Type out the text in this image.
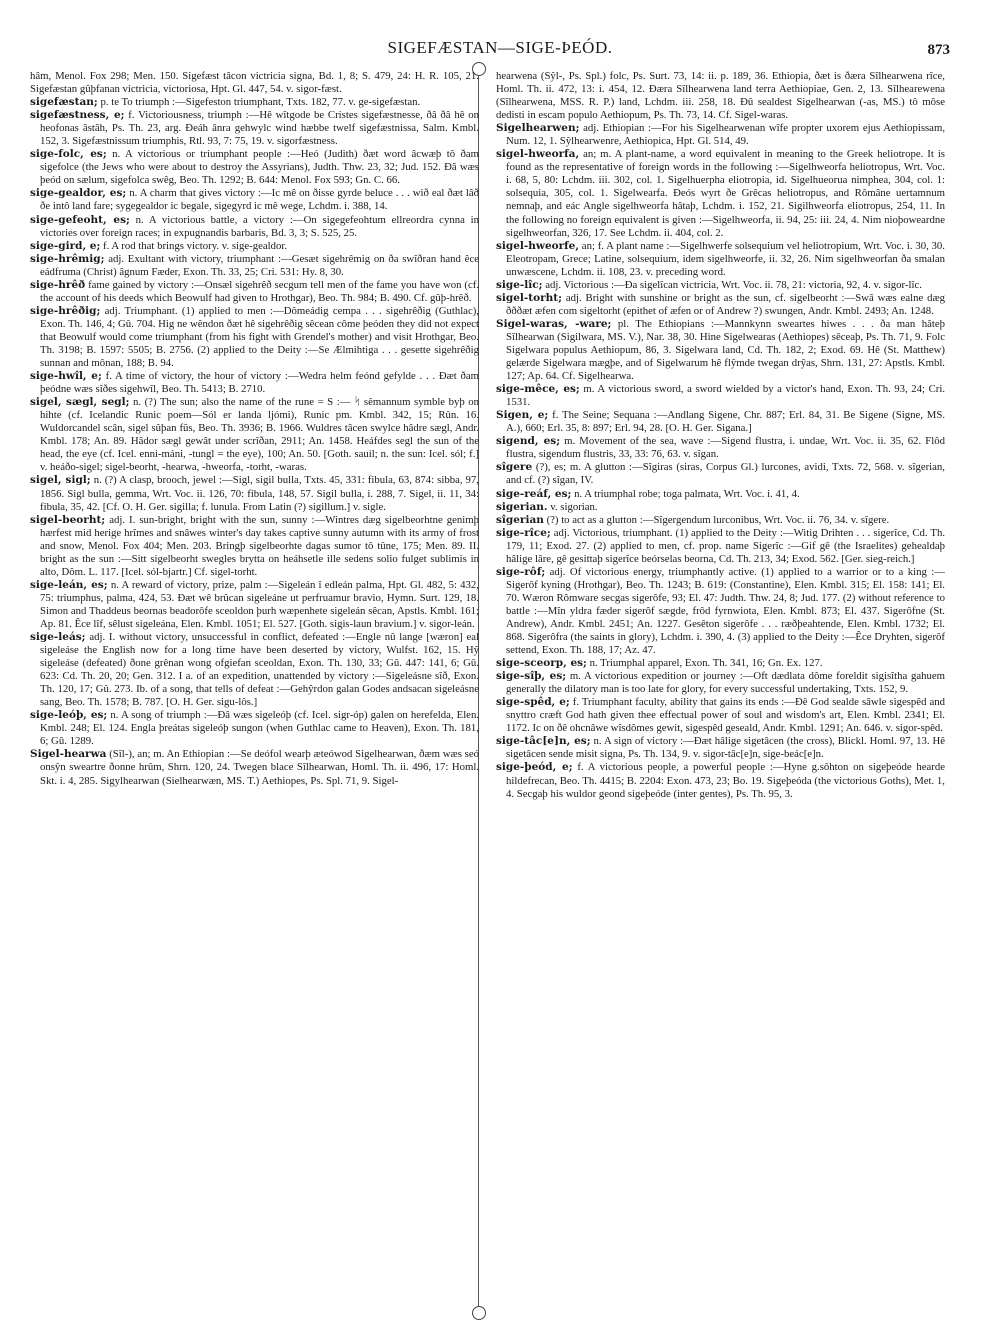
SIGEFÆSTAN—SIGE-ÞEÓD.	873

hâm, Menol. Fox 298; Men. 150. Sigefæst tâcon victricia signa, Bd. 1, 8; S. 479, 24: H. R. 105, 21. Sigefæstan gûþfanan victricia, victoriosa, Hpt. Gl. 447, 54. v. sigor-fæst.

sigefæstan; p. te To triumph :—Sigefeston triumphant, Txts. 182, 77. v. ge-sigefæstan.

sigefæstness, e; f. Victoriousness, triumph :—Hê wîtgode be Cristes sigefæstnesse, ðâ ðâ hê on heofonas âstâh, Ps. Th. 23, arg. Ðeáh ânra gehwylc wind hæbbe twelf sigefæstnissa, Salm. Kmbl. 152, 3. Sigefæstnissum triumphis, Rtl. 93, 7: 75, 19. v. sigorfæstness.

sige-folc, es; n. A victorious or triumphant people :—Heó (Judith) ðæt word âcwæþ tô ðam sigefolce (the Jews who were about to destroy the Assyrians), Judth. Thw. 23, 32; Jud. 152. Ðâ wæs þeód on sælum, sigefolca swêg, Beo. Th. 1292; B. 644: Menol. Fox 593; Gn. C. 66.

sige-gealdor, es; n. A charm that gives victory :—Ic mê on ðisse gyrde beluce . . . wið eal ðæt lâð ðe intô land fare; sygegealdor ic begale, sigegyrd ic mê wege, Lchdm. i. 388, 14.

sige-gefeoht, es; n. A victorious battle, a victory :—On sigegefeohtum ellreordra cynna in victories over foreign races; in expugnandis barbaris, Bd. 3, 3; S. 525, 25.

sige-gird, e; f. A rod that brings victory. v. sige-gealdor.

sige-hrêmig; adj. Exultant with victory, triumphant :—Gesæt sigehrêmig on ða swîðran hand êce eádfruma (Christ) âgnum Fæder, Exon. Th. 33, 25; Cri. 531: Hy. 8, 30.

sige-hrêð fame gained by victory :—Onsæl sigehrêð secgum tell men of the fame you have won (cf. the account of his deeds which Beowulf had given to Hrothgar), Beo. Th. 984; B. 490. Cf. gûþ-hrêð.

sige-hrêðig; adj. Triumphant. (1) applied to men :—Dômeádig cempa . . . sigehrêðig (Guthlac), Exon. Th. 146, 4; Gû. 704. Hig ne wêndon ðæt hê sigehrêðig sêcean côme þeóden they did not expect that Beowulf would come triumphant (from his fight with Grendel's mother) and visit Hrothgar, Beo. Th. 3198; B. 1597: 5505; B. 2756. (2) applied to the Deity :—Se Ælmihtiga . . . gesette sigehrêðig sunnan and mônan, 188; B. 94.

sige-hwîl, e; f. A time of victory, the hour of victory :—Wedra helm feónd gefylde . . . Ðæt ðam þeódne wæs sîðes sigehwîl, Beo. Th. 5413; B. 2710.

sigel, sægl, segl; n. (?) The sun; also the name of the rune = S :— ᛋ sêmannum symble byþ on hihte (cf. Icelandic Runic poem—Sól er landa ljómi), Runic pm. Kmbl. 342, 15; Rûn. 16. Wuldorcandel scân, sigel sûþan fûs, Beo. Th. 3936; B. 1966. Wuldres tâcen swylce hâdre sægl, Andr. Kmbl. 178; An. 89. Hâdor sægl gewât under scrîðan, 2911; An. 1458. Heáfdes segl the sun of the head, the eye (cf. Icel. enni-máni, -tungl = the eye), 100; An. 50. [Goth. sauil; n. the sun: Icel. sól; f.] v. heáðo-sigel; sigel-beorht, -hearwa, -hweorfa, -torht, -waras.

sigel, sigl; n. (?) A clasp, brooch, jewel :—Sigl, sigil bulla, Txts. 45, 331: fibula, 63, 874: sibba, 97, 1856. Sigl bulla, gemma, Wrt. Voc. ii. 126, 70: fibula, 148, 57. Sigil bulla, i. 288, 7. Sigel, ii. 11, 34: fibula, 35, 42. [Cf. O. H. Ger. sigilla; f. lunula. From Latin (?) sigillum.] v. sigle.

sigel-beorht; adj. I. sun-bright, bright with the sun, sunny :—Wintres dæg sigelbeorhtne genimþ hærfest mid herige hrîmes and snâwes winter's day takes captive sunny autumn with its army of frost and snow, Menol. Fox 404; Men. 203. Bringþ sigelbeorhte dagas sumor tô tûne, 175; Men. 89. II. bright as the sun :—Sitt sigelbeorht swegles brytta on heáhsetle ille sedens solio fulget sublimis in alto, Dôm. L. 117. [Icel. sól-bjartr.] Cf. sigel-torht.

sige-leán, es; n. A reward of victory, prize, palm :—Sigeleán î edleán palma, Hpt. Gl. 482, 5: 432, 75: triumphus, palma, 424, 53. Ðæt wê brûcan sigeleáne ut perfruamur bravio, Hymn. Surt. 129, 18. Simon and Thaddeus beornas beadorôfe sceoldon þurh wæpenhete sigeleán sêcan, Apstls. Kmbl. 161; Ap. 81. Êce lîf, sêlust sigeleána, Elen. Kmbl. 1051; El. 527. [Goth. sigis-laun bravium.] v. sigor-leán.

sige-leás; adj. I. without victory, unsuccessful in conflict, defeated :—Engle nû lange [wæron] eal sigeleáse the English now for a long time have been deserted by victory, Wulfst. 162, 15. Hŷ sigeleáse (defeated) ðone grênan wong ofgiefan sceoldan, Exon. Th. 130, 33; Gû. 447: 141, 6; Gû. 623: Cd. Th. 20, 20; Gen. 312. I a. of an expedition, unattended by victory :—Sigeleásne sîð, Exon. Th. 120, 17; Gû. 273. Ib. of a song, that tells of defeat :—Gehŷrdon galan Godes andsacan sigeleásne sang, Beo. Th. 1578; B. 787. [O. H. Ger. sigu-lôs.]

sige-leóþ, es; n. A song of triumph :—Ðâ wæs sigeleóþ (cf. Icel. sigr-óp) galen on herefelda, Elen. Kmbl. 248; El. 124. Engla þreátas sigeleóþ sungon (when Guthlac came to Heaven), Exon. Th. 181, 6; Gû. 1289.

Sigel-hearwa (Sîl-), an; m. An Ethiopian :—Se deófol wearþ æteówod Sigelhearwan, ðæm wæs seó onsŷn sweartre ðonne hrûm, Shrn. 120, 24. Twegen blace Sîlhearwan, Homl. Th. ii. 496, 17: Homl. Skt. i. 4, 285. Sigylhearwan (Sielhearwæn, MS. T.) Aethiopes, Ps. Spl. 71, 9. Sigel-

hearwena (Sŷl-, Ps. Spl.) folc, Ps. Surt. 73, 14: ii. p. 189, 36. Ethiopia, ðæt is ðæra Sîlhearwena rîce, Homl. Th. ii. 472, 13: i. 454, 12. Ðæra Sîlhearwena land terra Aethiopiae, Gen. 2, 13. Sîlhearewena (Sîlhearwena, MSS. R. P.) land, Lchdm. iii. 258, 18. Ðû sealdest Sigelhearwan (-as, MS.) tô môse dedisti in escam populo Aethiopum, Ps. Th. 73, 14. Cf. Sigel-waras.

Sigelhearwen; adj. Ethiopian :—For his Sigelhearwenan wîfe propter uxorem ejus Aethiopissam, Num. 12, 1. Sŷlhearwenre, Aethiopica, Hpt. Gl. 514, 49.

sigel-hweorfa, an; m. A plant-name, a word equivalent in meaning to the Greek heliotrope. It is found as the representative of foreign words in the following :—Sigelhweorfa heliotropus, Wrt. Voc. i. 68, 5, 80: Lchdm. iii. 302, col. 1. Sigelhuerpha eliotropia, id. Sigelhueorua nimphea, 304, col. 1: solsequia, 305, col. 1. Sigelwearfa. Ðeós wyrt ðe Grêcas heliotropus, and Rômâne uertamnum nemnaþ, and eác Angle sigelhweorfa hâtaþ, Lchdm. i. 152, 21. Sigilhweorfa eliotropus, 254, 11. In the following no foreign equivalent is given :—Sigelhweorfa, ii. 94, 25: iii. 24, 4. Nim nioþoweardne sigelhweorfan, 326, 17. See Lchdm. ii. 404, col. 2.

sigel-hweorfe, an; f. A plant name :—Sigelhwerfe solsequium vel heliotropium, Wrt. Voc. i. 30, 30. Eleotropam, Grece; Latine, solsequium, idem sigelhweorfe, ii. 32, 26. Nim sigelhweorfan ða smalan unwæscene, Lchdm. ii. 108, 23. v. preceding word.

sige-lîc; adj. Victorious :—Ða sigelîcan victricia, Wrt. Voc. ii. 78, 21: victoria, 92, 4. v. sigor-lîc.

sigel-torht; adj. Bright with sunshine or bright as the sun, cf. sigelbeorht :—Swâ wæs ealne dæg ðððæt æfen com sigeltorht (epithet of æfen or of Andrew ?) swungen, Andr. Kmbl. 2493; An. 1248.

Sigel-waras, -ware; pl. The Ethiopians :—Mannkynn sweartes hiwes . . . ða man hâteþ Sîlhearwan (Sigilwara, MS. V.), Nar. 38, 30. Hine Sigelwearas (Aethiopes) sêceaþ, Ps. Th. 71, 9. Folc Sigelwara populus Aethiopum, 86, 3. Sigelwara land, Cd. Th. 182, 2; Exod. 69. Hê (St. Matthew) gelærde Sigelwara mægþe, and of Sigelwarum hê flŷmde twegan drŷas, Shrn. 131, 27: Apstls. Kmbl. 127; Ap. 64. Cf. Sigelhearwa.

sige-mêce, es; m. A victorious sword, a sword wielded by a victor's hand, Exon. Th. 93, 24; Cri. 1531.

Sigen, e; f. The Seine; Sequana :—Andlang Sigene, Chr. 887; Erl. 84, 31. Be Sigene (Signe, MS. A.), 660; Erl. 35, 8: 897; Erl. 94, 28. [O. H. Ger. Sigana.]

sigend, es; m. Movement of the sea, wave :—Sigend flustra, i. undae, Wrt. Voc. ii. 35, 62. Flôd flustra, sigendum flustris, 33, 33: 76, 63. v. sîgan.

sîgere (?), es; m. A glutton :—Sîgiras (siras, Corpus Gl.) lurcones, avidi, Txts. 72, 568. v. sîgerian, and cf. (?) sîgan, IV.

sige-reáf, es; n. A triumphal robe; toga palmata, Wrt. Voc. i. 41, 4.

sigerian. v. sigorian.

sîgerian (?) to act as a glutton :—Sîgergendum lurconibus, Wrt. Voc. ii. 76, 34. v. sîgere.

sige-rîce; adj. Victorious, triumphant. (1) applied to the Deity :—Witig Drihten . . . sigerîce, Cd. Th. 179, 11; Exod. 27. (2) applied to men, cf. prop. name Sigerîc :—Gif gê (the Israelites) gehealdaþ hâlige lâre, gê gesittaþ sigerîce beórselas beorna, Cd. Th. 213, 34; Exod. 562. [Ger. sieg-reich.]

sige-rôf; adj. Of victorious energy, triumphantly active. (1) applied to a warrior or to a king :—Sigerôf kyning (Hrothgar), Beo. Th. 1243; B. 619: (Constantine), Elen. Kmbl. 315; El. 158: 141; El. 70. Wæron Rômware secgas sigerôfe, 93; El. 47: Judth. Thw. 24, 8; Jud. 177. (2) without reference to battle :—Mîn yldra fæder sigerôf sægde, frôd fyrnwiota, Elen. Kmbl. 873; El. 437. Sigerôfne (St. Andrew), Andr. Kmbl. 2451; An. 1227. Gesêton sigerôfe . . . ræðþeahtende, Elen. Kmbl. 1732; El. 868. Sigerôfra (the saints in glory), Lchdm. i. 390, 4. (3) applied to the Deity :—Êce Dryhten, sigerôf settend, Exon. Th. 188, 17; Az. 47.

sige-sceorp, es; n. Triumphal apparel, Exon. Th. 341, 16; Gn. Ex. 127.

sige-sîþ, es; m. A victorious expedition or journey :—Oft dædlata dôme foreldit sigisîtha gahuem generally the dilatory man is too late for glory, for every successful undertaking, Txts. 152, 9.

sige-spêd, e; f. Triumphant faculty, ability that gains its ends :—Ðê God sealde sâwle sigespêd and snyttro cræft God hath given thee effectual power of soul and wisdom's art, Elen. Kmbl. 2341; El. 1172. Ic on ðê ohcnâwe wîsdômes gewit, sigespêd geseald, Andr. Kmbl. 1291; An. 646. v. sigor-spêd.

sige-tâc[e]n, es; n. A sign of victory :—Ðæt hâlige sigetâcen (the cross), Blickl. Homl. 97, 13. Hê sigetâcen sende misit signa, Ps. Th. 134, 9. v. sigor-tâc[e]n, sige-beác[e]n.

sige-þeód, e; f. A victorious people, a powerful people :—Hyne g.sôhton on sigeþeóde hearde hildefrecan, Beo. Th. 4415; B. 2204: Exon. 473, 23; Bo. 19. Sigeþeóda (the victorious Goths), Met. 1, 4. Secgaþ his wuldor geond sigeþeóde (inter gentes), Ps. Th. 95, 3.
